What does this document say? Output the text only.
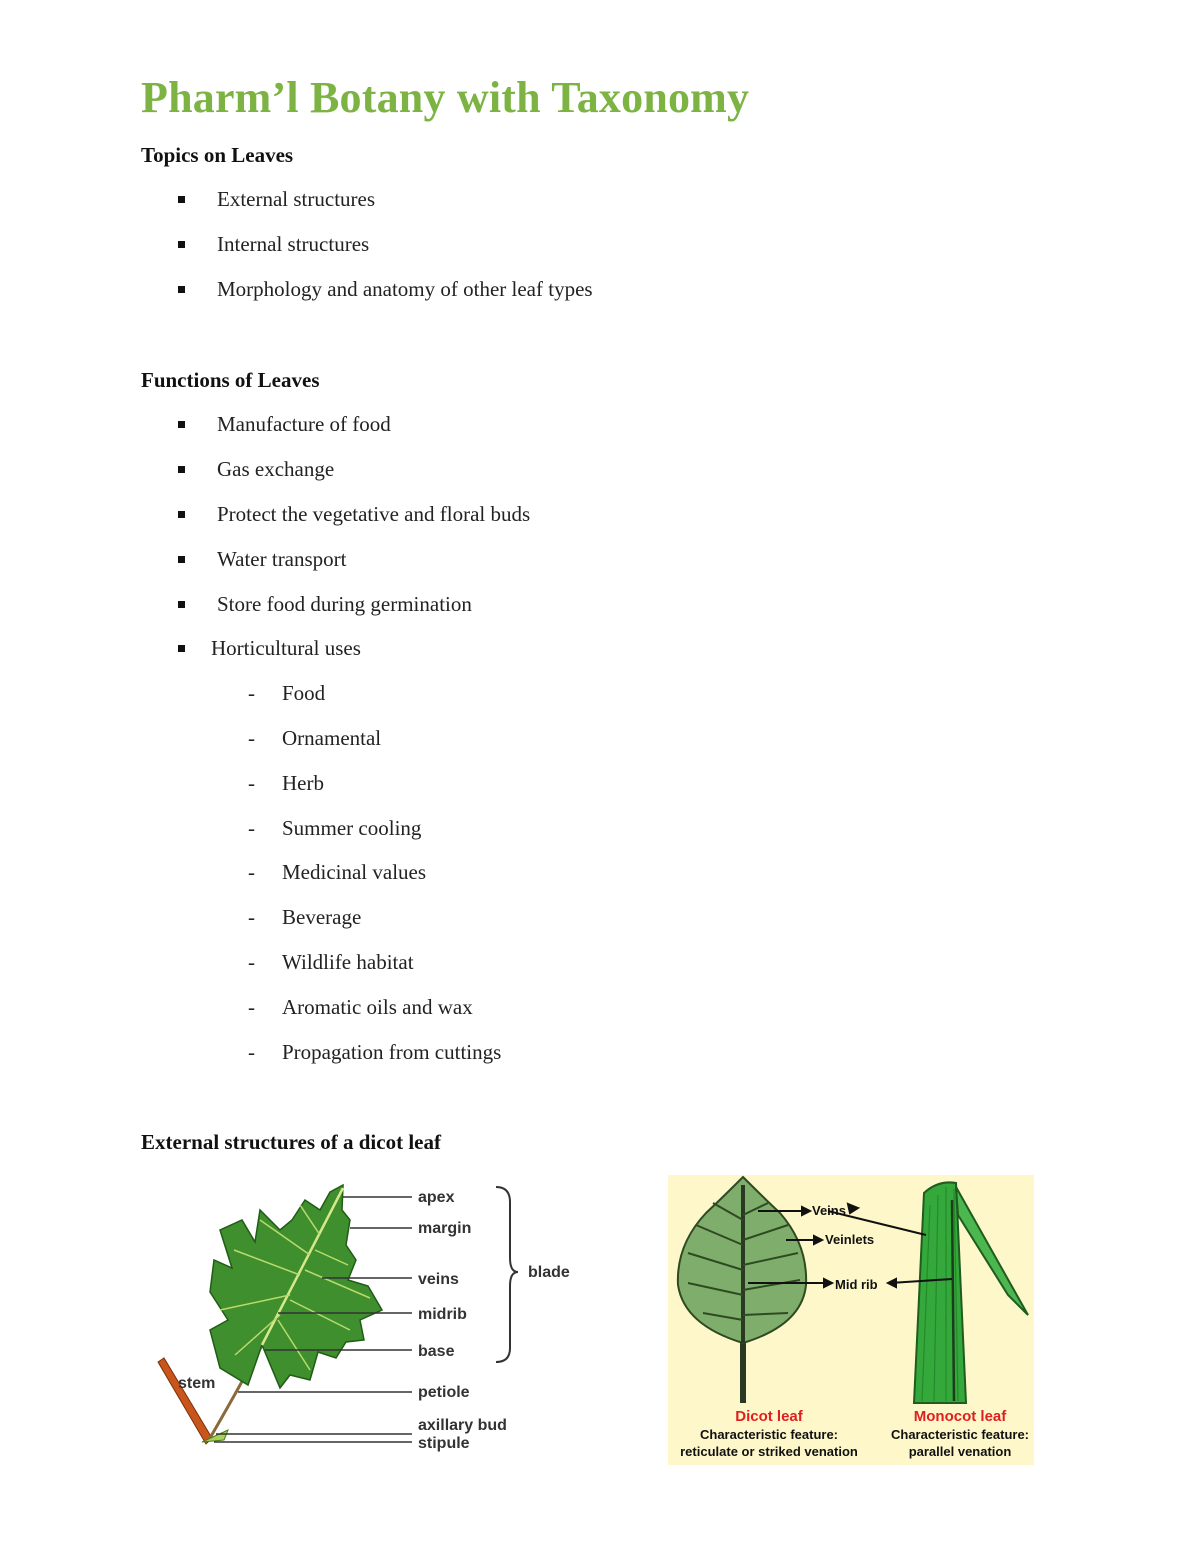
Pharm’l Botany with Taxonomy
Topics on Leaves
External structures
Internal structures
Morphology and anatomy of other leaf types
Functions of Leaves
Manufacture of food
Gas exchange
Protect the vegetative and floral buds
Water transport
Store food during germination
Horticultural uses
- Food
- Ornamental
- Herb
- Summer cooling
- Medicinal values
- Beverage
- Wildlife habitat
- Aromatic oils and wax
- Propagation from cuttings
External structures of a dicot leaf
apex
margin
veins
midrib
base
petiole
axillary bud
stipule
stem
blade
Veins
Veinlets
Mid rib
Dicot leaf
Characteristic feature:
reticulate or striked venation
Monocot leaf
Characteristic feature:
parallel venation
